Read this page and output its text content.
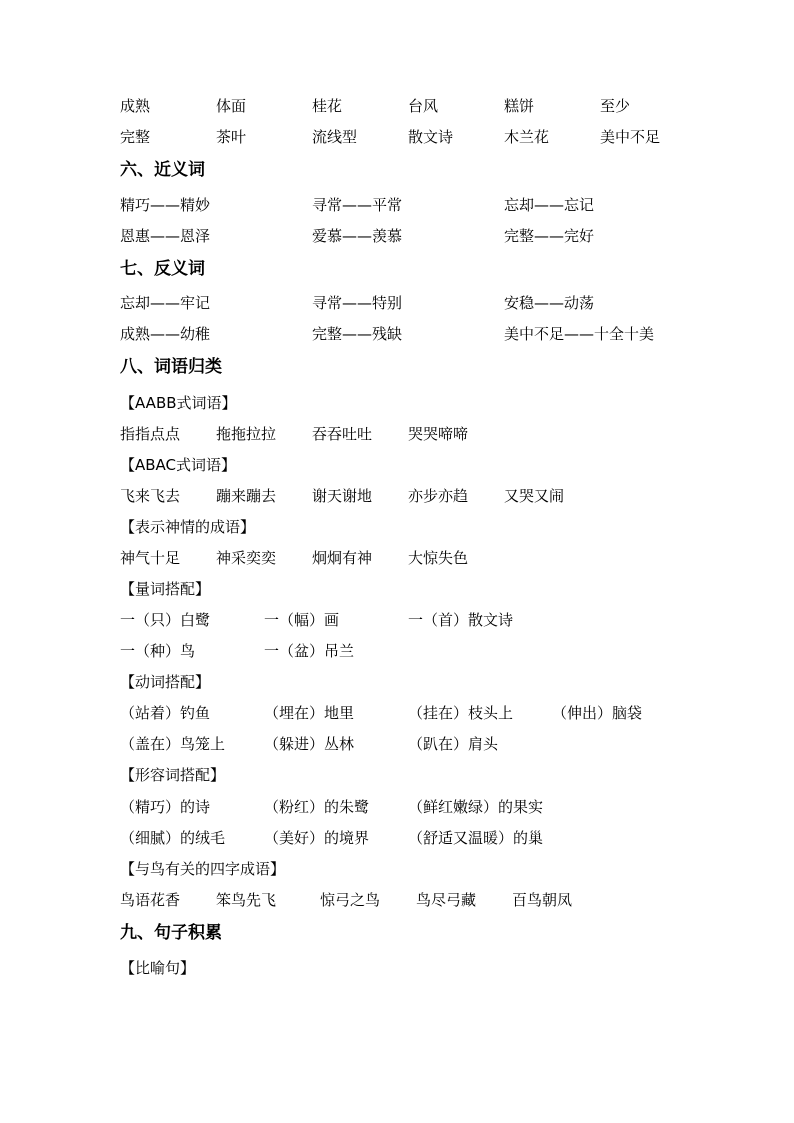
成熟	体面	桂花	台风	糕饼	至少
完整	茶叶	流线型	散文诗	木兰花	美中不足
六、近义词
精巧——精妙	寻常——平常	忘却——忘记
恩惠——恩泽	爱慕——羡慕	完整——完好
七、反义词
忘却——牢记	寻常——特别	安稳——动荡
成熟——幼稚	完整——残缺	美中不足——十全十美
八、词语归类
【AABB式词语】
指指点点 拖拖拉拉 吞吞吐吐 哭哭啼啼
【ABAC式词语】
飞来飞去 蹦来蹦去 谢天谢地 亦步亦趋 又哭又闹
【表示神情的成语】
神气十足 神采奕奕 炯炯有神 大惊失色
【量词搭配】
一（只）白鹭	一（幅）画	一（首）散文诗
一（种）鸟	一（盆）吊兰
【动词搭配】
（站着）钓鱼	（埋在）地里	（挂在）枝头上	（伸出）脑袋
（盖在）鸟笼上	（躲进）丛林	（趴在）肩头
【形容词搭配】
（精巧）的诗	（粉红）的朱鹭	（鲜红嫩绿）的果实
（细腻）的绒毛	（美好）的境界	（舒适又温暖）的巢
【与鸟有关的四字成语】
鸟语花香 笨鸟先飞	惊弓之鸟 鸟尽弓藏 百鸟朝凤
九、句子积累
【比喻句】
